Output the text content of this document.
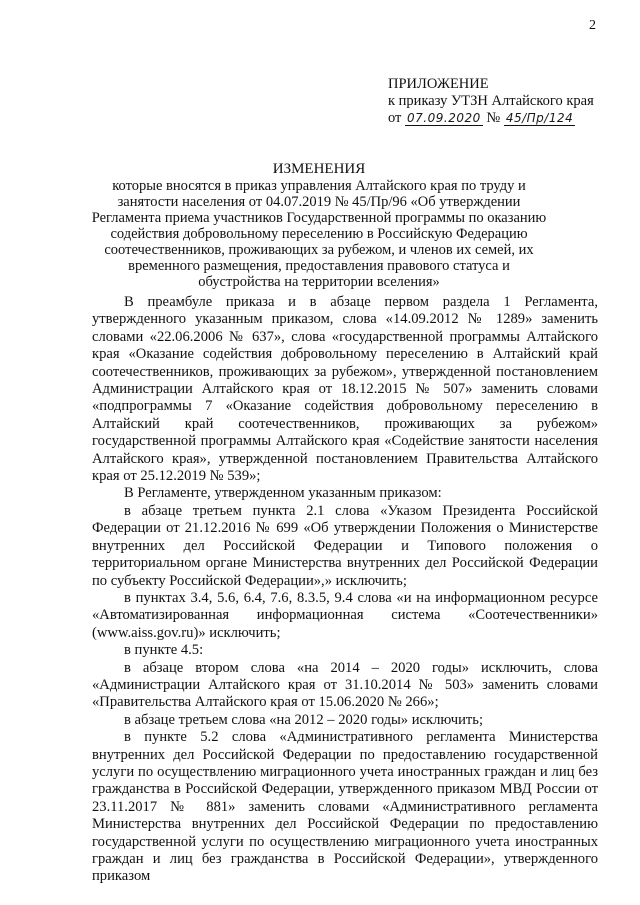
2
ПРИЛОЖЕНИЕ
к приказу УТЗН Алтайского края
от 07.09.2020 № 45/Пр/124
ИЗМЕНЕНИЯ
которые вносятся в приказ управления Алтайского края по труду и занятости населения от 04.07.2019 № 45/Пр/96 «Об утверждении Регламента приема участников Государственной программы по оказанию содействия добровольному переселению в Российскую Федерацию соотечественников, проживающих за рубежом, и членов их семей, их временного размещения, предоставления правового статуса и обустройства на территории вселения»

В преамбуле приказа и в абзаце первом раздела 1 Регламента, утвержденного указанным приказом, слова «14.09.2012 № 1289» заменить словами «22.06.2006 № 637», слова «государственной программы Алтайского края «Оказание содействия добровольному переселению в Алтайский край соотечественников, проживающих за рубежом», утвержденной постановлением Администрации Алтайского края от 18.12.2015 № 507» заменить словами «подпрограммы 7 «Оказание содействия добровольному переселению в Алтайский край соотечественников, проживающих за рубежом» государственной программы Алтайского края «Содействие занятости населения Алтайского края», утвержденной постановлением Правительства Алтайского края от 25.12.2019 № 539»;

В Регламенте, утвержденном указанным приказом:

в абзаце третьем пункта 2.1 слова «Указом Президента Российской Федерации от 21.12.2016 № 699 «Об утверждении Положения о Министерстве внутренних дел Российской Федерации и Типового положения о территориальном органе Министерства внутренних дел Российской Федерации по субъекту Российской Федерации»,» исключить;

в пунктах 3.4, 5.6, 6.4, 7.6, 8.3.5, 9.4 слова «и на информационном ресурсе «Автоматизированная информационная система «Соотечественники» (www.aiss.gov.ru)» исключить;

в пункте 4.5:

в абзаце втором слова «на 2014 – 2020 годы» исключить, слова «Администрации Алтайского края от 31.10.2014 № 503» заменить словами «Правительства Алтайского края от 15.06.2020 № 266»;

в абзаце третьем слова «на 2012 – 2020 годы» исключить;

в пункте 5.2 слова «Административного регламента Министерства внутренних дел Российской Федерации по предоставлению государственной услуги по осуществлению миграционного учета иностранных граждан и лиц без гражданства в Российской Федерации, утвержденного приказом МВД России от 23.11.2017 № 881» заменить словами «Административного регламента Министерства внутренних дел Российской Федерации по предоставлению государственной услуги по осуществлению миграционного учета иностранных граждан и лиц без гражданства в Российской Федерации», утвержденного приказом
